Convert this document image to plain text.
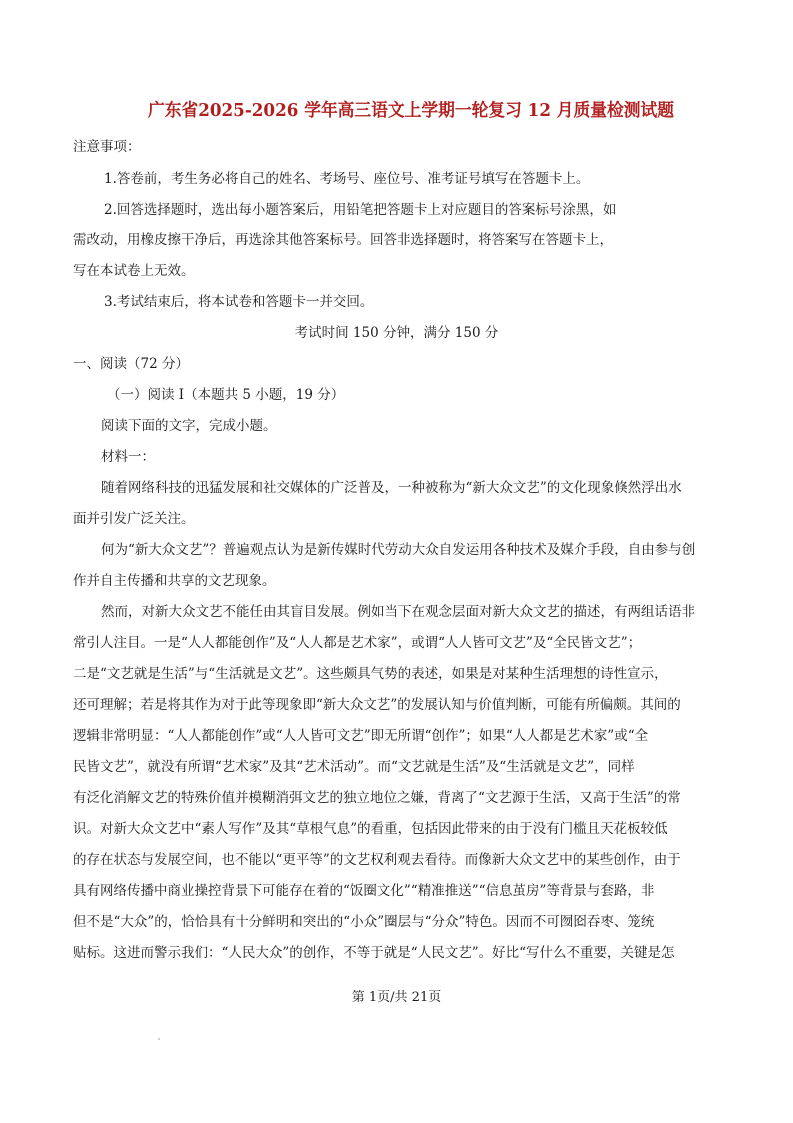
广东省2025-2026 学年高三语文上学期一轮复习 12 月质量检测试题
注意事项：
1.答卷前，考生务必将自己的姓名、考场号、座位号、准考证号填写在答题卡上。
2.回答选择题时，选出每小题答案后，用铅笔把答题卡上对应题目的答案标号涂黑，如
需改动，用橡皮擦干净后，再选涂其他答案标号。回答非选择题时，将答案写在答题卡上，
写在本试卷上无效。
3.考试结束后，将本试卷和答题卡一并交回。
考试时间 150 分钟，满分 150 分
一、阅读（72 分）
（一）阅读 I（本题共 5 小题，19 分）
阅读下面的文字，完成小题。
材料一：
随着网络科技的迅猛发展和社交媒体的广泛普及，一种被称为“新大众文艺”的文化现象倏然浮出水
面并引发广泛关注。
何为“新大众文艺”？普遍观点认为是新传媒时代劳动大众自发运用各种技术及媒介手段，自由参与创
作并自主传播和共享的文艺现象。
然而，对新大众文艺不能任由其盲目发展。例如当下在观念层面对新大众文艺的描述，有两组话语非
常引人注目。一是“人人都能创作”及“人人都是艺术家”，或谓“人人皆可文艺”及“全民皆文艺”；
二是“文艺就是生活”与“生活就是文艺”。这些颇具气势的表述，如果是对某种生活理想的诗性宣示，
还可理解；若是将其作为对于此等现象即“新大众文艺”的发展认知与价值判断，可能有所偏颇。其间的
逻辑非常明显：“人人都能创作”或“人人皆可文艺”即无所谓“创作”；如果“人人都是艺术家”或“全
民皆文艺”，就没有所谓“艺术家”及其“艺术活动”。而“文艺就是生活”及“生活就是文艺”，同样
有泛化消解文艺的特殊价值并模糊消弭文艺的独立地位之嫌，背离了“文艺源于生活，又高于生活”的常
识。对新大众文艺中“素人写作”及其“草根气息”的看重，包括因此带来的由于没有门槛且天花板较低
的存在状态与发展空间，也不能以“更平等”的文艺权利观去看待。而像新大众文艺中的某些创作，由于
具有网络传播中商业操控背景下可能存在着的“饭圈文化”“精准推送”“信息茧房”等背景与套路，非
但不是“大众”的，恰恰具有十分鲜明和突出的“小众”圈层与“分众”特色。因而不可囫囵吞枣、笼统
贴标。这进而警示我们：“人民大众”的创作，不等于就是“人民文艺”。好比“写什么不重要，关键是怎
第 1页/共 21页
